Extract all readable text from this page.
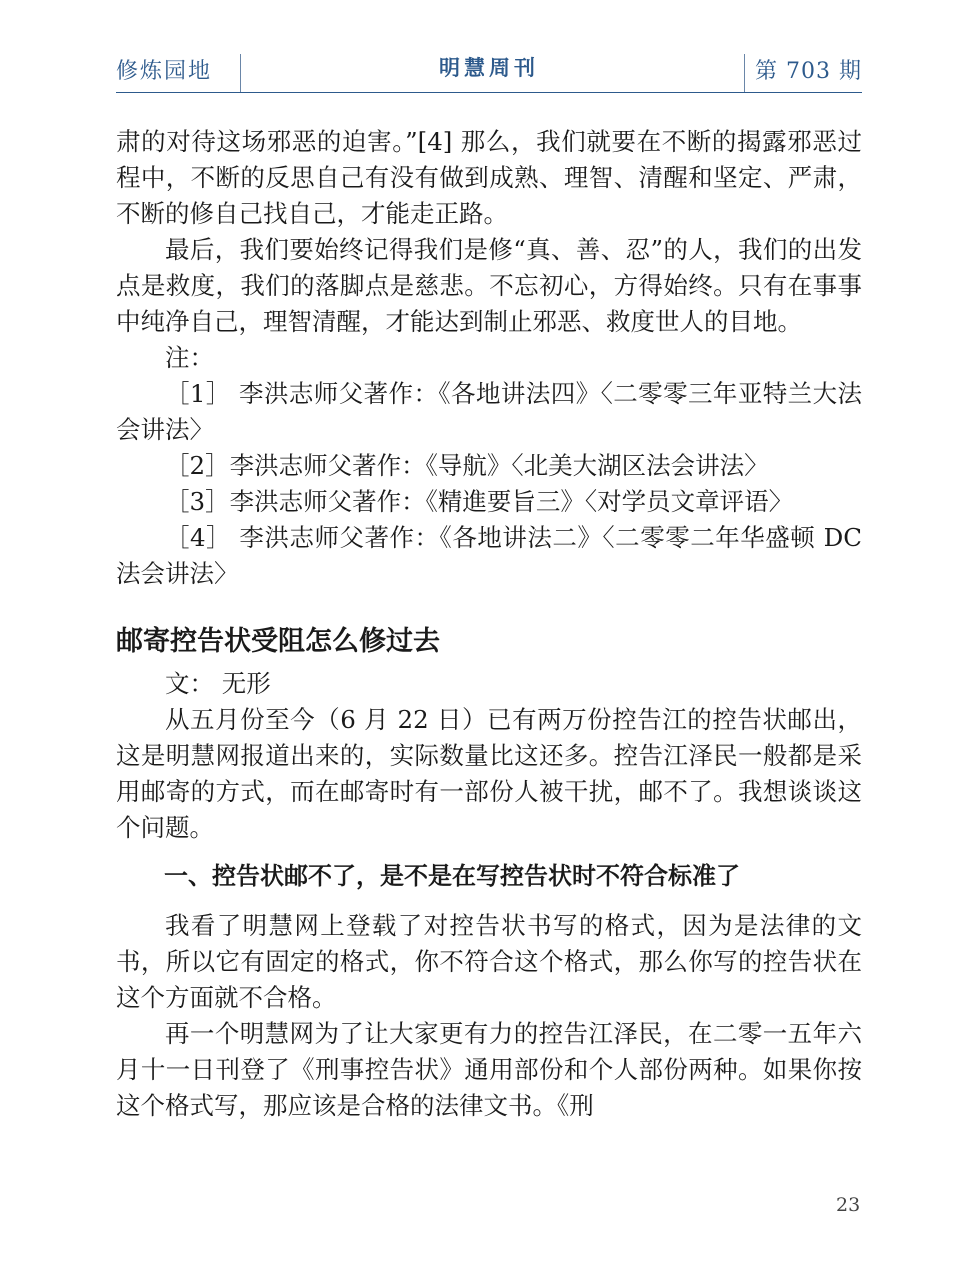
修炼园地	明慧周刊	第 703 期

肃的对待这场邪恶的迫害。”[4] 那么，我们就要在不断的揭露邪恶过程中，不断的反思自己有没有做到成熟、理智、清醒和坚定、严肃，不断的修自己找自己，才能走正路。

最后，我们要始终记得我们是修“真、善、忍”的人，我们的出发点是救度，我们的落脚点是慈悲。不忘初心，方得始终。只有在事事中纯净自己，理智清醒，才能达到制止邪恶、救度世人的目地。

注：

［1］ 李洪志师父著作：《各地讲法四》〈二零零三年亚特兰大法会讲法〉

［2］李洪志师父著作：《导航》〈北美大湖区法会讲法〉

［3］李洪志师父著作：《精進要旨三》〈对学员文章评语〉

［4］ 李洪志师父著作：《各地讲法二》〈二零零二年华盛顿 DC 法会讲法〉

邮寄控告状受阻怎么修过去

文： 无形

从五月份至今（6 月 22 日）已有两万份控告江的控告状邮出，这是明慧网报道出来的，实际数量比这还多。控告江泽民一般都是采用邮寄的方式，而在邮寄时有一部份人被干扰，邮不了。我想谈谈这个问题。

一、控告状邮不了，是不是在写控告状时不符合标准了

我看了明慧网上登载了对控告状书写的格式，因为是法律的文书，所以它有固定的格式，你不符合这个格式，那么你写的控告状在这个方面就不合格。

再一个明慧网为了让大家更有力的控告江泽民，在二零一五年六月十一日刊登了《刑事控告状》通用部份和个人部份两种。如果你按这个格式写，那应该是合格的法律文书。《刑

23
